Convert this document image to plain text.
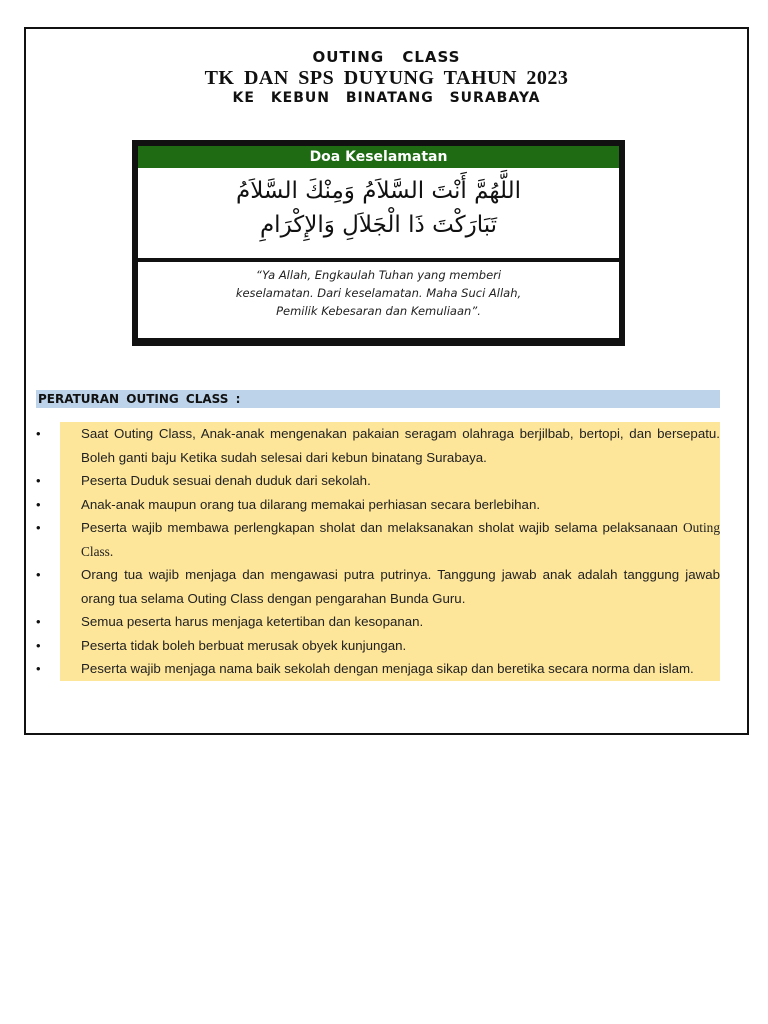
OUTING CLASS
TK DAN SPS DUYUNG TAHUN 2023
KE KEBUN BINATANG SURABAYA
Doa Keselamatan
اللَّهُمَّ أَنْتَ السَّلاَمُ وَمِنْكَ السَّلاَمُ
تَبَارَكْتَ ذَا الْجَلاَلِ وَالإِكْرَامِ
“Ya Allah, Engkaulah Tuhan yang memberi
keselamatan. Dari keselamatan. Maha Suci Allah,
Pemilik Kebesaran dan Kemuliaan”.
PERATURAN OUTING CLASS :
•	Saat Outing Class, Anak-anak mengenakan pakaian seragam olahraga berjilbab, bertopi, dan bersepatu. Boleh ganti baju Ketika sudah selesai dari kebun binatang Surabaya.
•	Peserta Duduk sesuai denah duduk dari sekolah.
•	Anak-anak maupun orang tua dilarang memakai perhiasan secara berlebihan.
•	Peserta wajib membawa perlengkapan sholat dan melaksanakan sholat wajib selama pelaksanaan Outing Class.
•	Orang tua wajib menjaga dan mengawasi putra putrinya. Tanggung jawab anak adalah tanggung jawab orang tua selama Outing Class dengan pengarahan Bunda Guru.
•	Semua peserta harus menjaga ketertiban dan kesopanan.
•	Peserta tidak boleh berbuat merusak obyek kunjungan.
•	Peserta wajib menjaga nama baik sekolah dengan menjaga sikap dan beretika secara norma dan islam.
